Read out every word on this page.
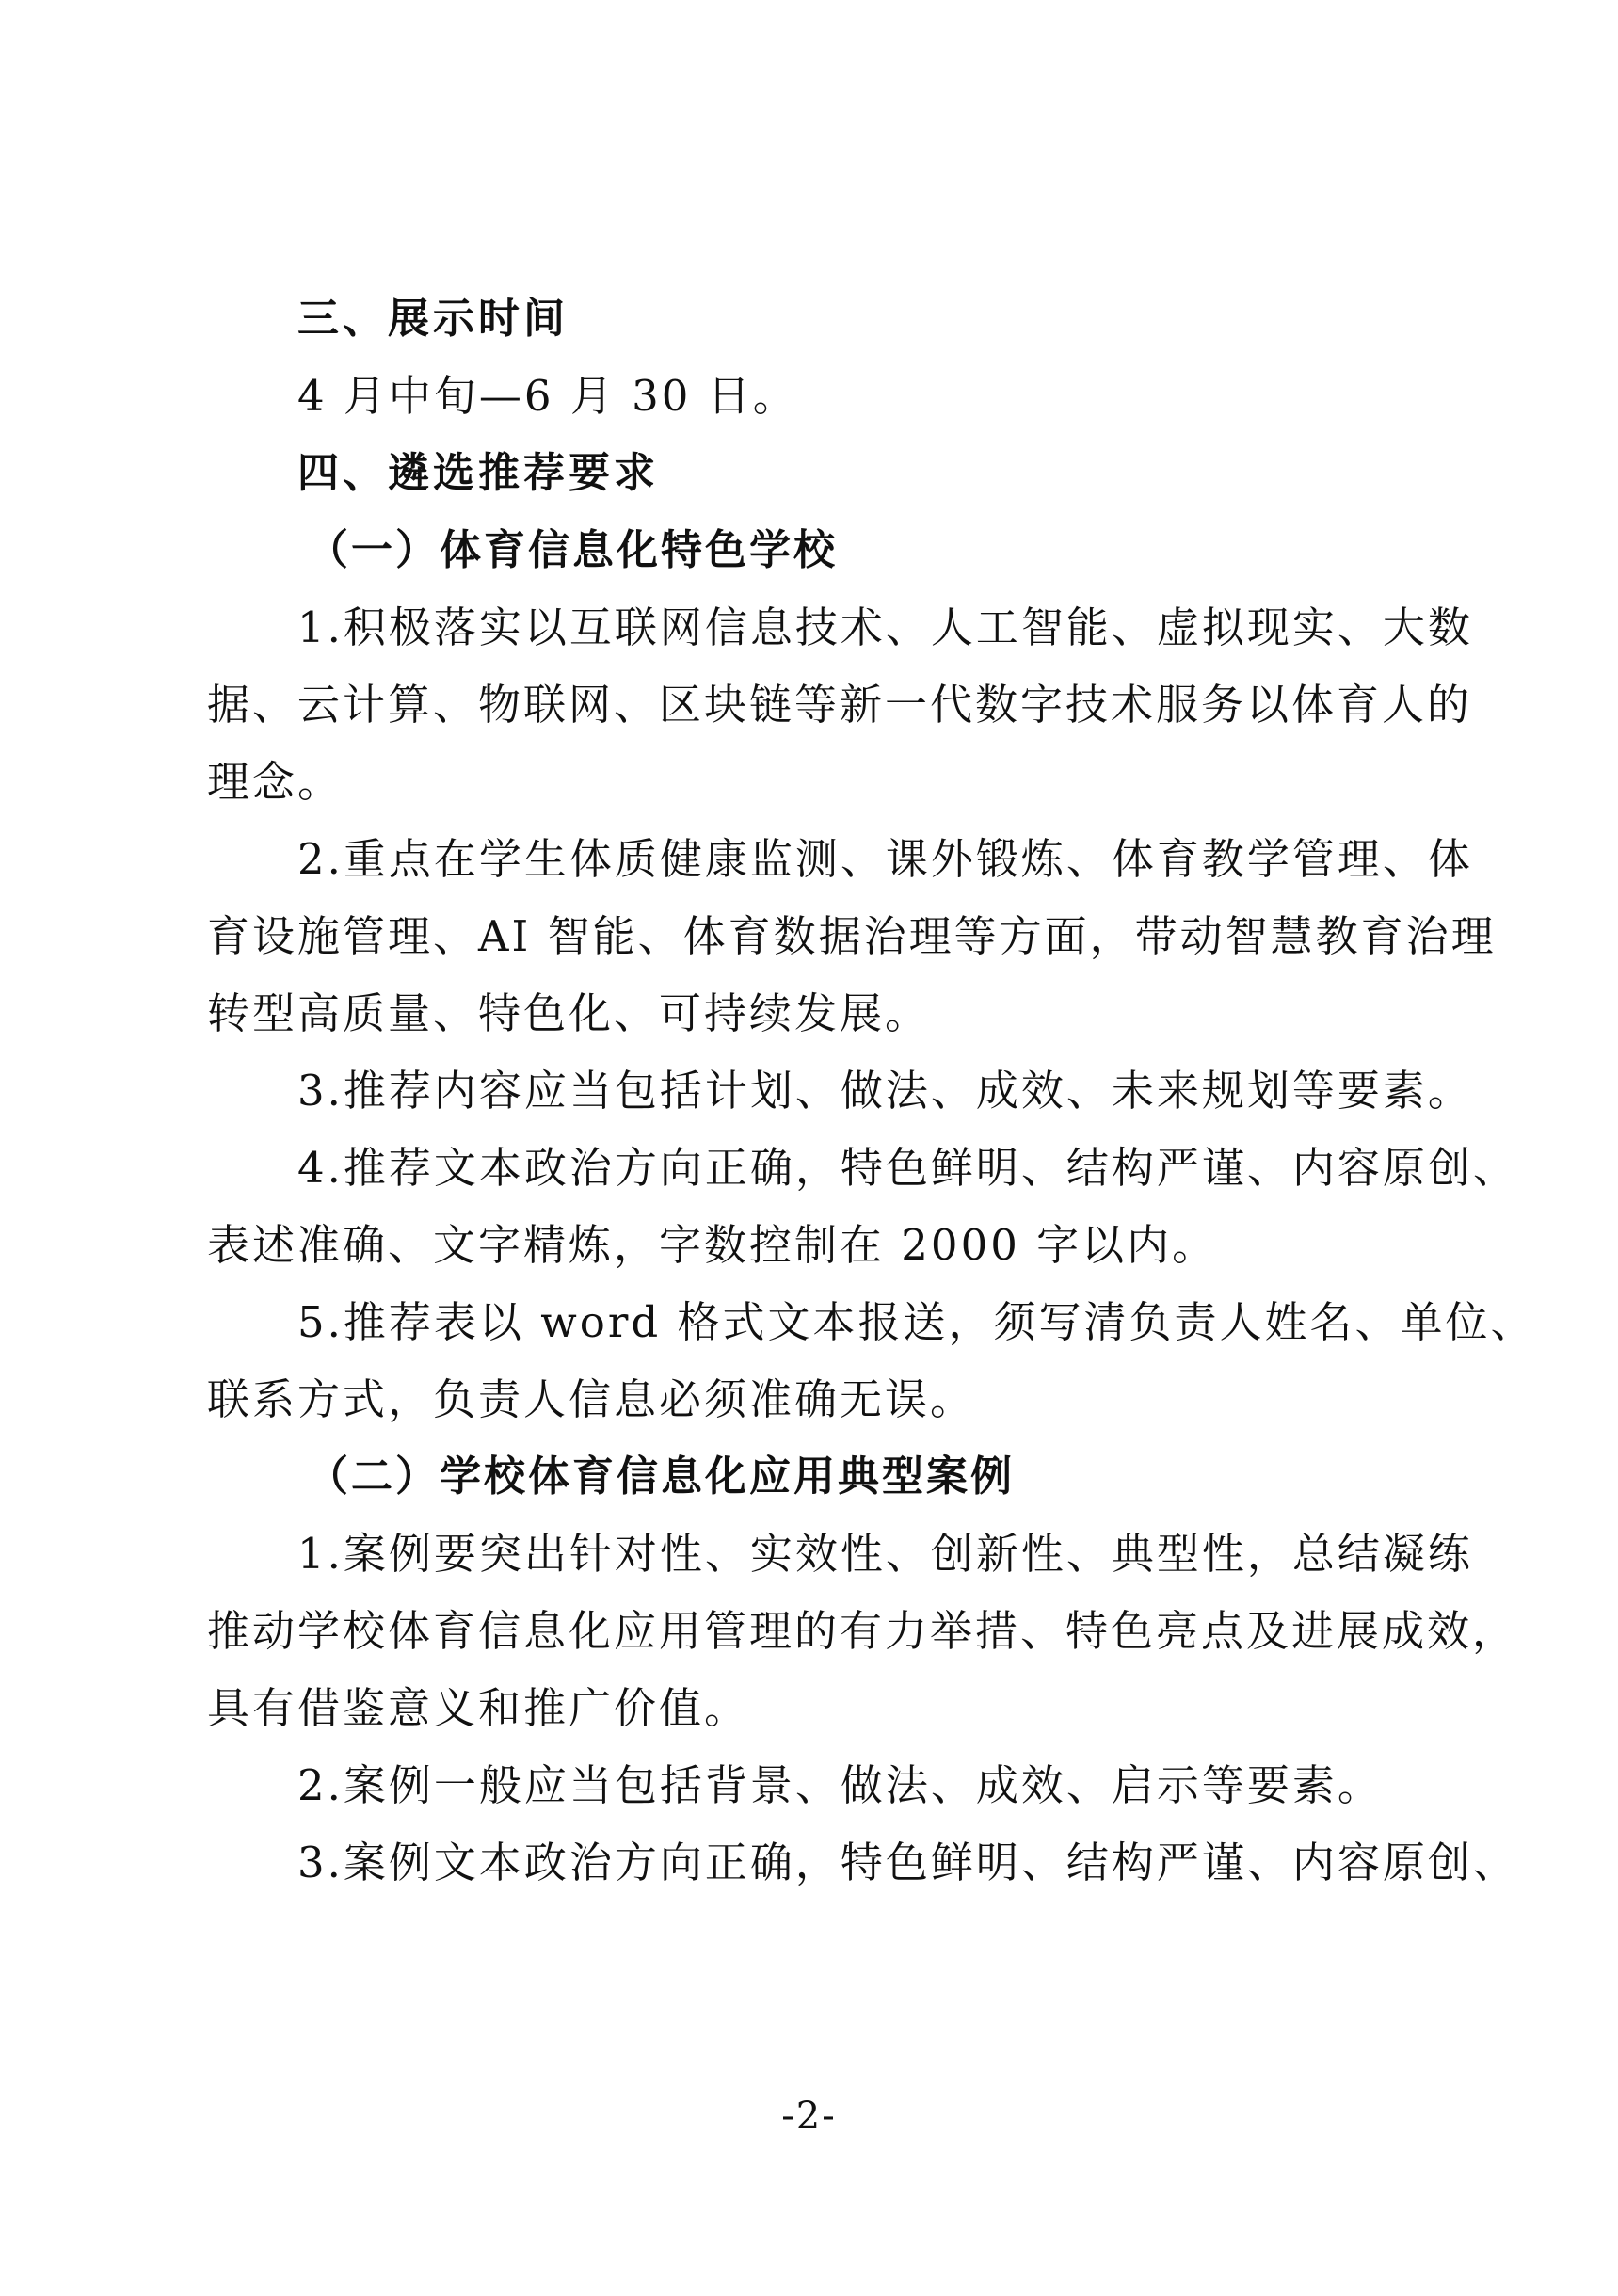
三、展示时间
4 月中旬—6 月 30 日。
四、遴选推荐要求
（一）体育信息化特色学校
1.积极落实以互联网信息技术、人工智能、虚拟现实、大数
据、云计算、物联网、区块链等新一代数字技术服务以体育人的
理念。
2.重点在学生体质健康监测、课外锻炼、体育教学管理、体
育设施管理、AI 智能、体育数据治理等方面，带动智慧教育治理
转型高质量、特色化、可持续发展。
3.推荐内容应当包括计划、做法、成效、未来规划等要素。
4.推荐文本政治方向正确，特色鲜明、结构严谨、内容原创、
表述准确、文字精炼，字数控制在 2000 字以内。
5.推荐表以 word 格式文本报送，须写清负责人姓名、单位、
联系方式，负责人信息必须准确无误。
（二）学校体育信息化应用典型案例
1.案例要突出针对性、实效性、创新性、典型性，总结凝练
推动学校体育信息化应用管理的有力举措、特色亮点及进展成效，
具有借鉴意义和推广价值。
2.案例一般应当包括背景、做法、成效、启示等要素。
3.案例文本政治方向正确，特色鲜明、结构严谨、内容原创、
-2-
